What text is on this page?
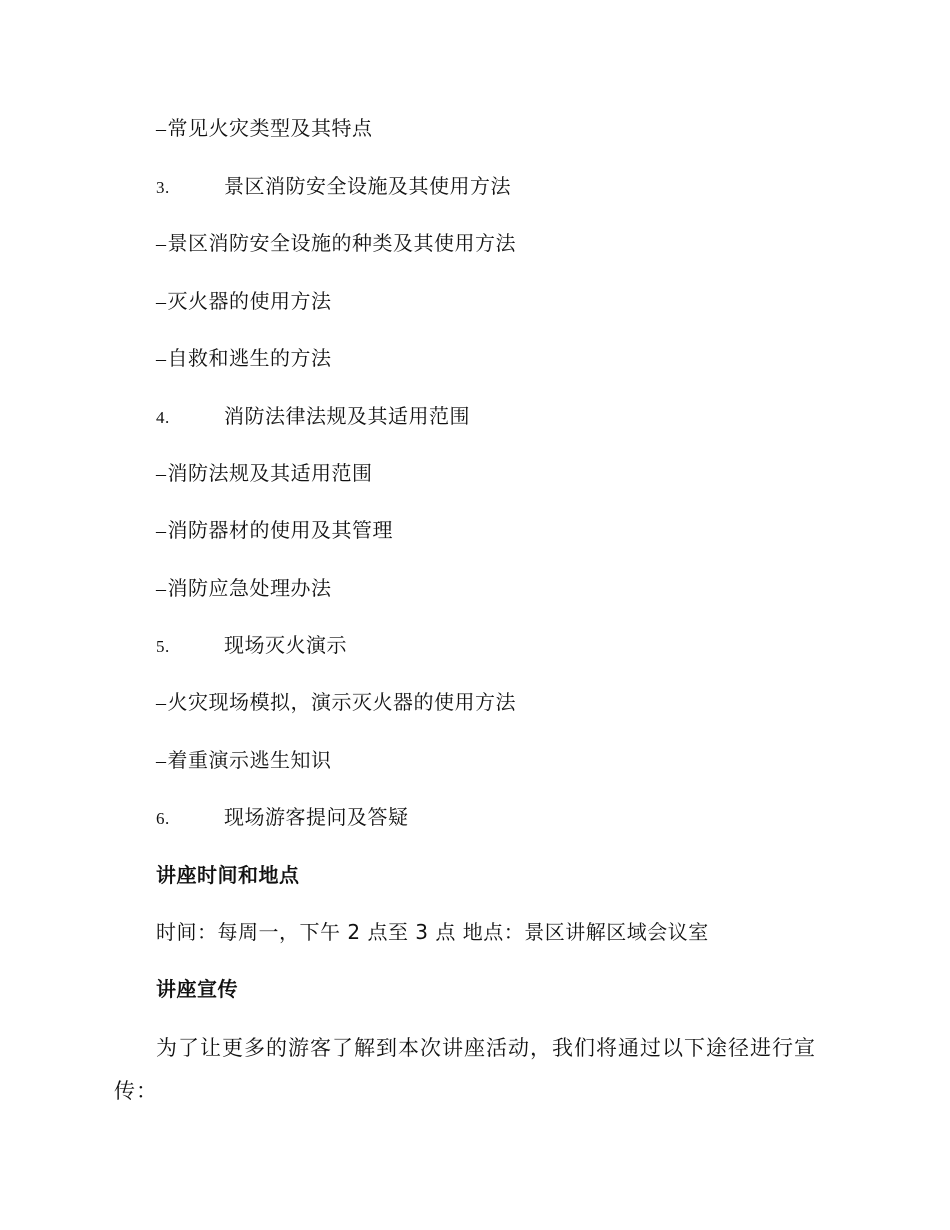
–常见火灾类型及其特点
3.	景区消防安全设施及其使用方法
–景区消防安全设施的种类及其使用方法
–灭火器的使用方法
–自救和逃生的方法
4.	消防法律法规及其适用范围
–消防法规及其适用范围
–消防器材的使用及其管理
–消防应急处理办法
5.	现场灭火演示
–火灾现场模拟，演示灭火器的使用方法
–着重演示逃生知识
6.	现场游客提问及答疑
讲座时间和地点
时间：每周一，下午 2 点至 3 点 地点：景区讲解区域会议室
讲座宣传
为了让更多的游客了解到本次讲座活动，我们将通过以下途径进行宣传：
